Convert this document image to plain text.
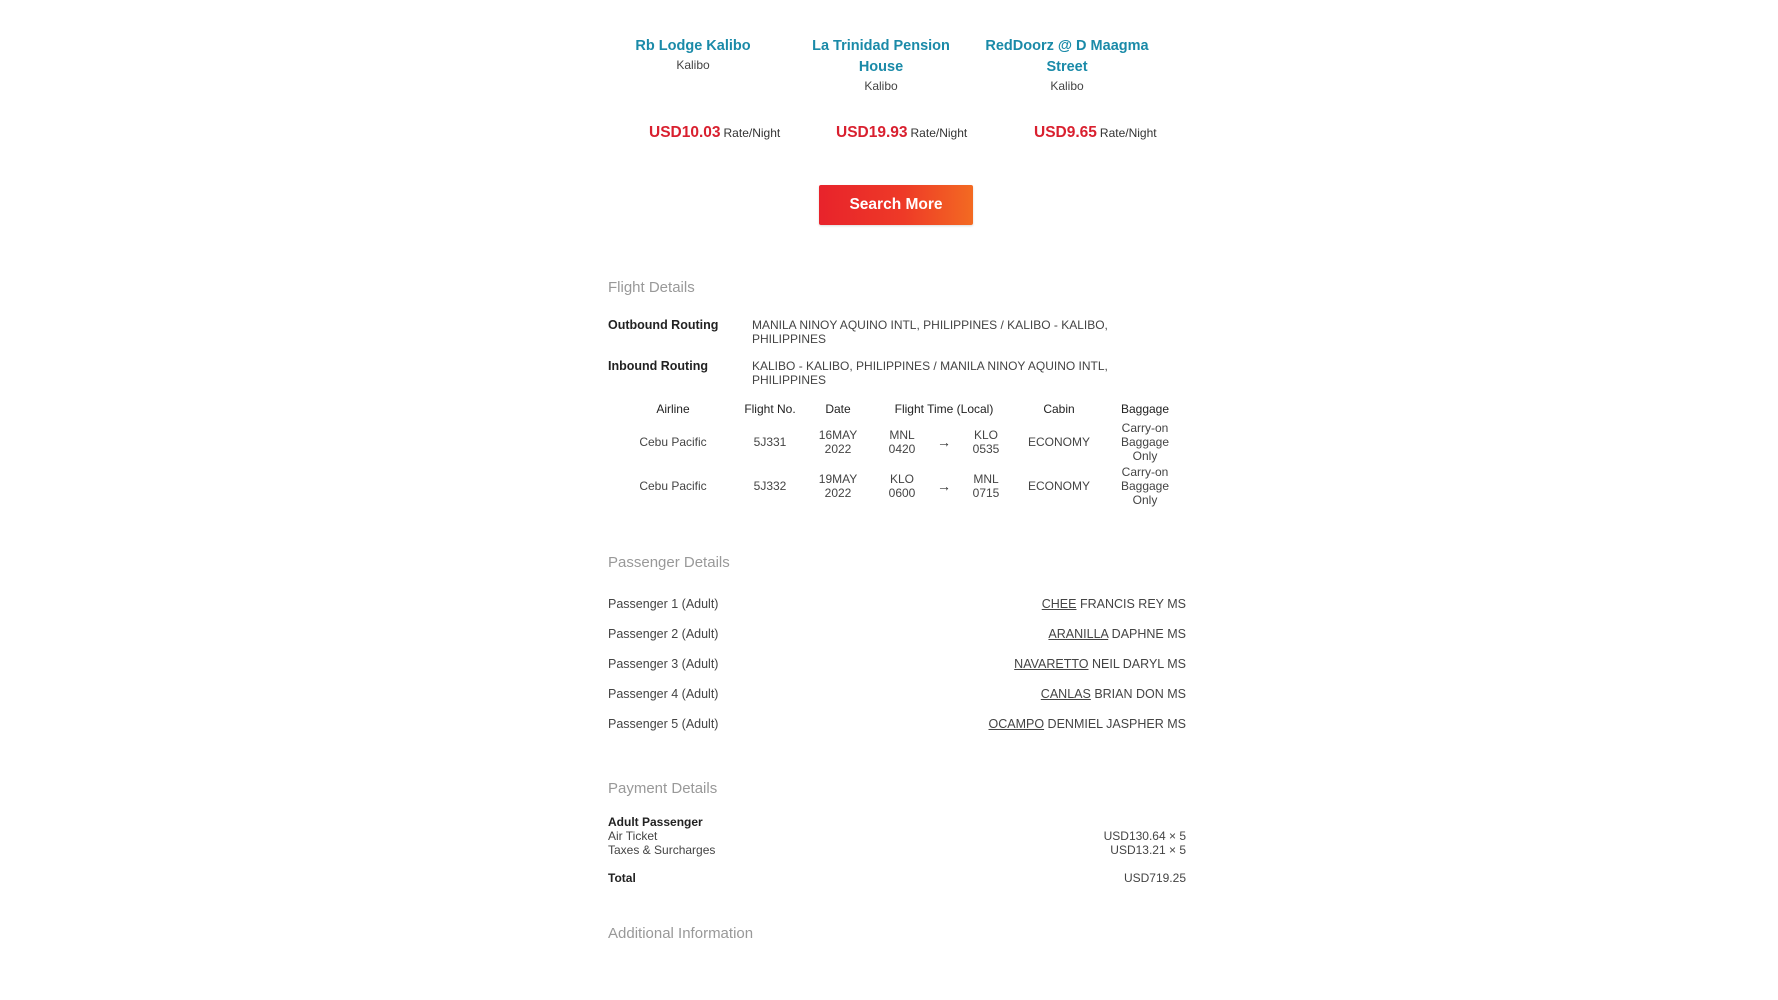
Rb Lodge Kalibo
Kalibo
La Trinidad Pension House
Kalibo
RedDoorz @ D Maagma Street
Kalibo
USD10.03 Rate/Night	USD19.93 Rate/Night	USD9.65 Rate/Night
Search More
Flight Details
Outbound Routing	MANILA NINOY AQUINO INTL, PHILIPPINES / KALIBO - KALIBO, PHILIPPINES
Inbound Routing	KALIBO - KALIBO, PHILIPPINES / MANILA NINOY AQUINO INTL, PHILIPPINES
Airline	Flight No.	Date	Flight Time (Local)			Cabin	Baggage
Cebu Pacific	5J331	16MAY 2022	MNL 0420	→	KLO 0535	ECONOMY	Carry-on Baggage Only
Cebu Pacific	5J332	19MAY 2022	KLO 0600	→	MNL 0715	ECONOMY	Carry-on Baggage Only
Passenger Details
Passenger 1 (Adult)	CHEE FRANCIS REY MS
Passenger 2 (Adult)	ARANILLA DAPHNE MS
Passenger 3 (Adult)	NAVARETTO NEIL DARYL MS
Passenger 4 (Adult)	CANLAS BRIAN DON MS
Passenger 5 (Adult)	OCAMPO DENMIEL JASPHER MS
Payment Details
Adult Passenger
Air Ticket	USD130.64 × 5
Taxes & Surcharges	USD13.21 × 5
Total	USD719.25
Additional Information
